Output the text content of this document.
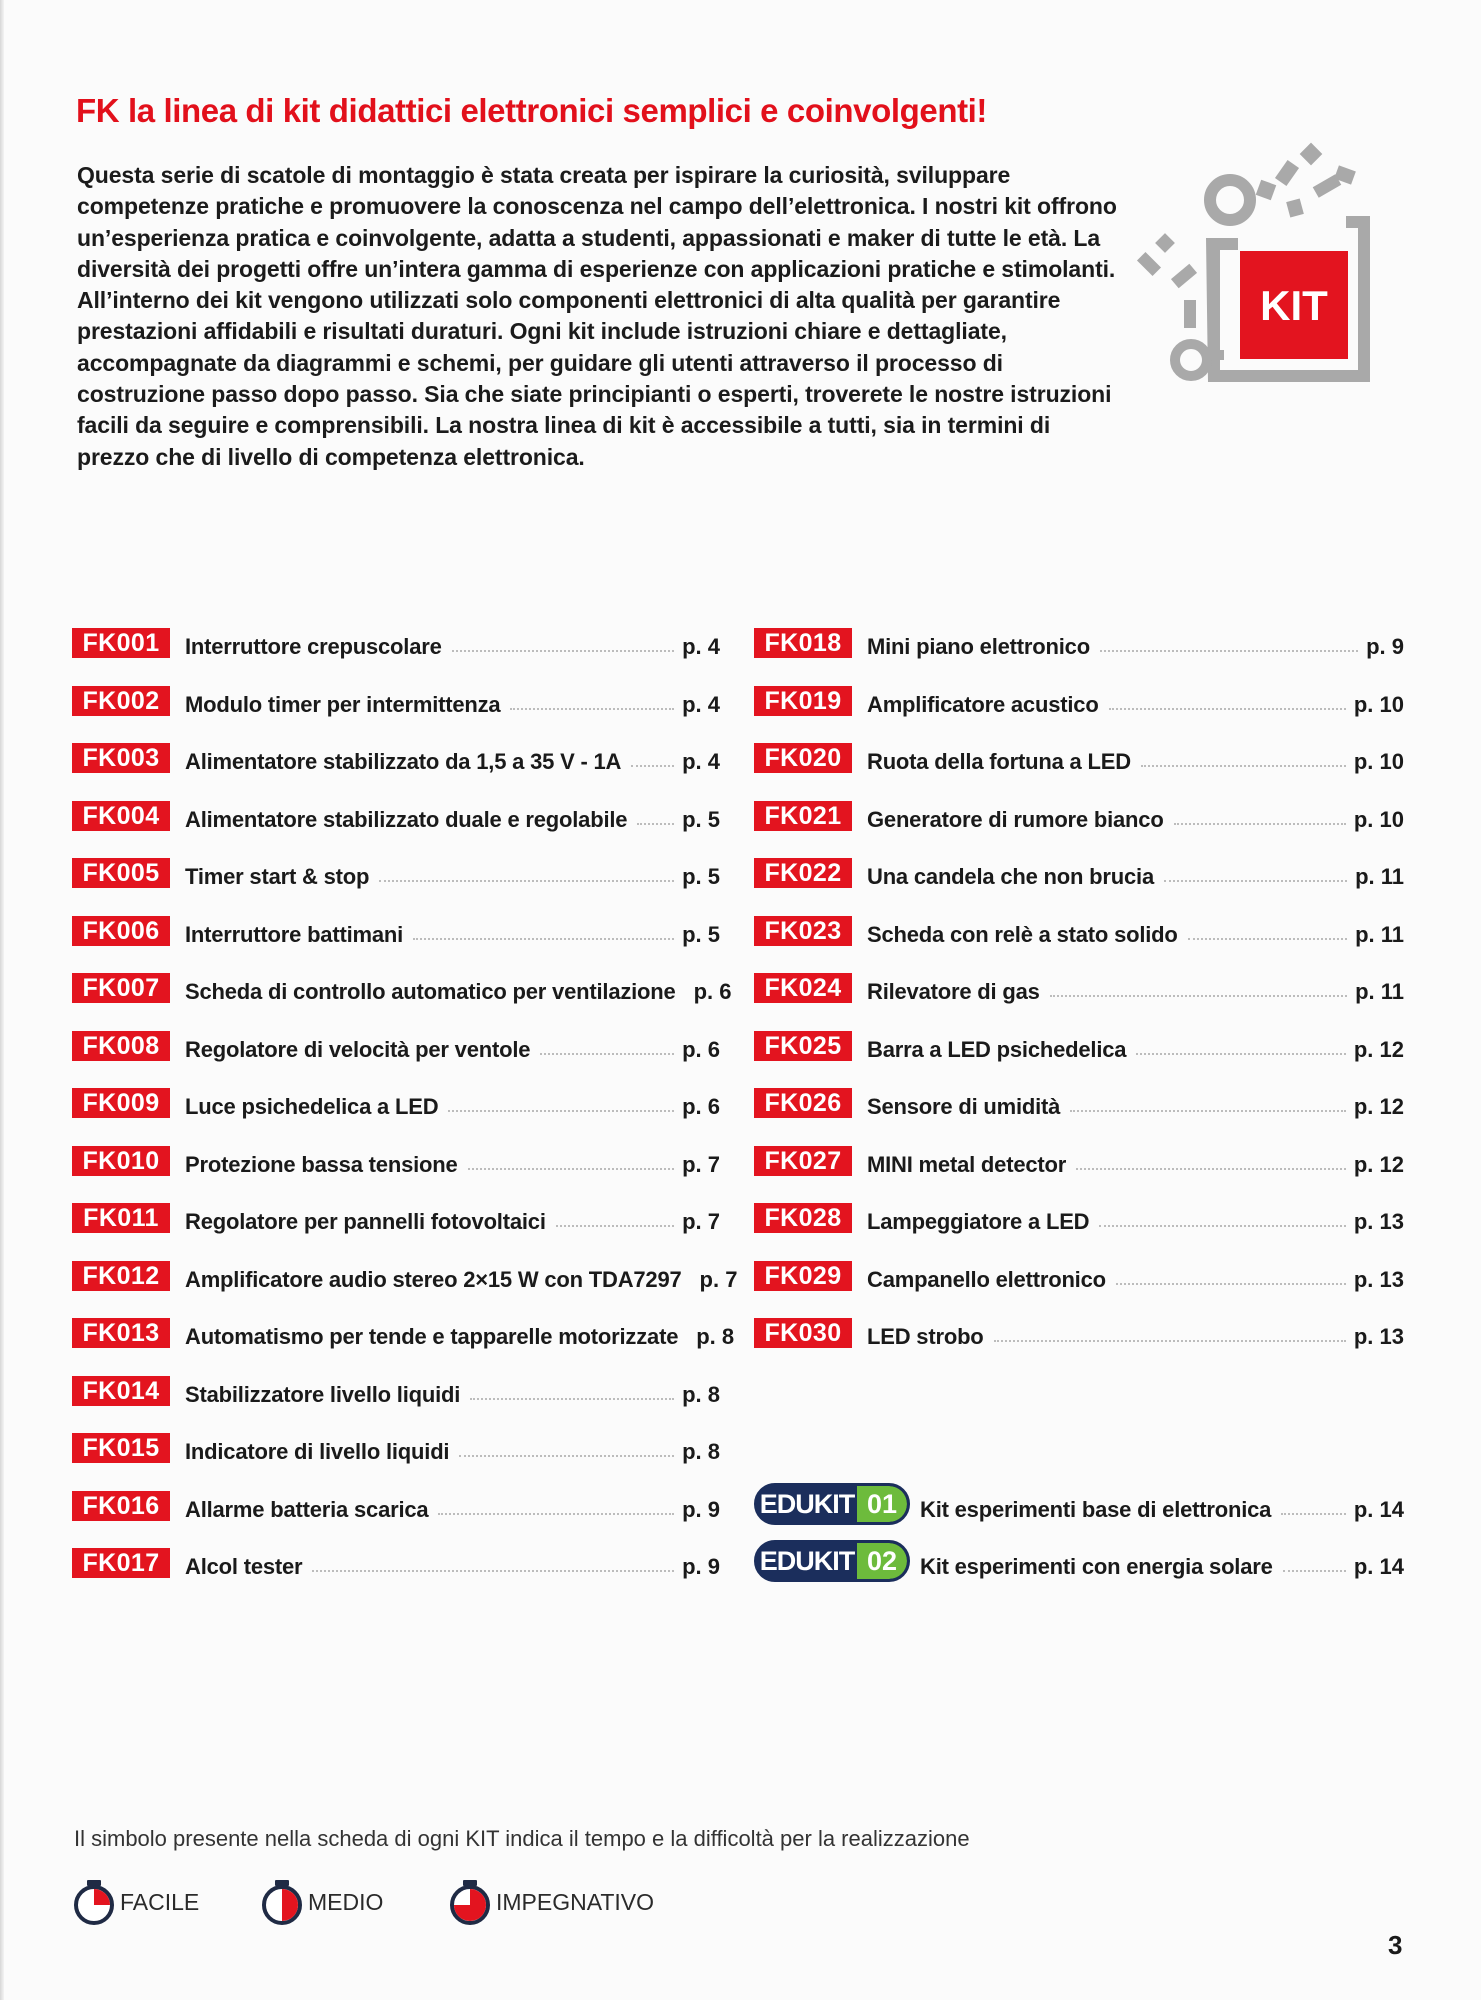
FK la linea di kit didattici elettronici semplici e coinvolgenti!

Questa serie di scatole di montaggio è stata creata per ispirare la curiosità, sviluppare competenze pratiche e promuovere la conoscenza nel campo dell’elettronica. I nostri kit offrono un’esperienza pratica e coinvolgente, adatta a studenti, appassionati e maker di tutte le età. La diversità dei progetti offre un’intera gamma di esperienze con applicazioni pratiche e stimolanti. All’interno dei kit vengono utilizzati solo componenti elettronici di alta qualità per garantire prestazioni affidabili e risultati duraturi. Ogni kit include istruzioni chiare e dettagliate, accompagnate da diagrammi e schemi, per guidare gli utenti attraverso il processo di costruzione passo dopo passo. Sia che siate principianti o esperti, troverete le nostre istruzioni facili da seguire e comprensibili. La nostra linea di kit è accessibile a tutti, sia in termini di prezzo che di livello di competenza elettronica.

KIT
FK001	Interruttore crepuscolare	p. 4
FK002	Modulo timer per intermittenza	p. 4
FK003	Alimentatore stabilizzato da 1,5 a 35 V - 1A	p. 4
FK004	Alimentatore stabilizzato duale e regolabile p. 5
FK005	Timer start & stop	p. 5
FK006	Interruttore battimani	p. 5
FK007	Scheda di controllo automatico per ventilazione p. 6
FK008	Regolatore di velocità per ventole	p. 6
FK009	Luce psichedelica a LED	p. 6
FK010	Protezione bassa tensione	p. 7
FK011	Regolatore per pannelli fotovoltaici	p. 7
FK012	Amplificatore audio stereo 2×15 W con TDA7297 p. 7
FK013	Automatismo per tende e tapparelle motorizzate p. 8
FK014	Stabilizzatore livello liquidi	p. 8
FK015	Indicatore di livello liquidi	p. 8
FK016	Allarme batteria scarica	p. 9
FK017	Alcol tester	p. 9
FK018	Mini piano elettronico	p. 9
FK019	Amplificatore acustico	p. 10
FK020	Ruota della fortuna a LED	p. 10
FK021	Generatore di rumore bianco	p. 10
FK022	Una candela che non brucia	p. 11
FK023	Scheda con relè a stato solido	p. 11
FK024	Rilevatore di gas	p. 11
FK025	Barra a LED psichedelica	p. 12
FK026	Sensore di umidità	p. 12
FK027	MINI metal detector	p. 12
FK028	Lampeggiatore a LED	p. 13
FK029	Campanello elettronico	p. 13
FK030	LED strobo	p. 13
EDUKIT 01	Kit esperimenti base di elettronica	p. 14
EDUKIT 02	Kit esperimenti con energia solare	p. 14

Il simbolo presente nella scheda di ogni KIT indica il tempo e la difficoltà per la realizzazione

FACILE	MEDIO	IMPEGNATIVO
3
